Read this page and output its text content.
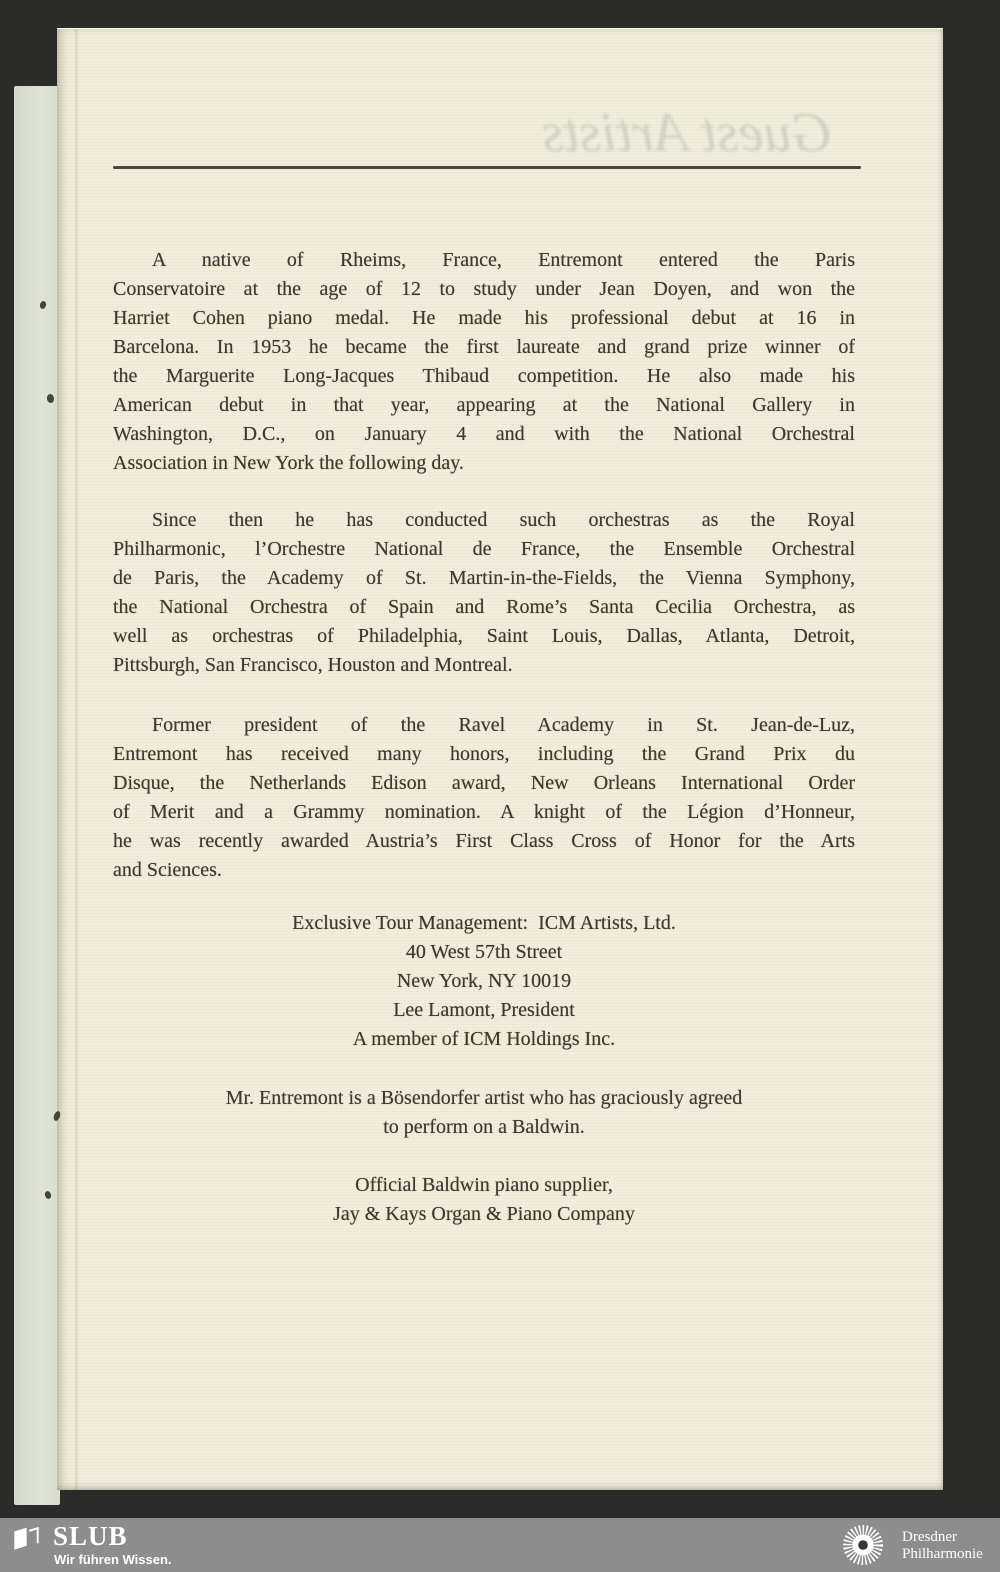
Guest Artists
A native of Rheims, France, Entremont entered the Paris
Conservatoire at the age of 12 to study under Jean Doyen, and won the
Harriet Cohen piano medal. He made his professional debut at 16 in
Barcelona. In 1953 he became the first laureate and grand prize winner of
the Marguerite Long-Jacques Thibaud competition. He also made his
American debut in that year, appearing at the National Gallery in
Washington, D.C., on January 4 and with the National Orchestral
Association in New York the following day.
Since then he has conducted such orchestras as the Royal
Philharmonic, l’Orchestre National de France, the Ensemble Orchestral
de Paris, the Academy of St. Martin-in-the-Fields, the Vienna Symphony,
the National Orchestra of Spain and Rome’s Santa Cecilia Orchestra, as
well as orchestras of Philadelphia, Saint Louis, Dallas, Atlanta, Detroit,
Pittsburgh, San Francisco, Houston and Montreal.
Former president of the Ravel Academy in St. Jean-de-Luz,
Entremont has received many honors, including the Grand Prix du
Disque, the Netherlands Edison award, New Orleans International Order
of Merit and a Grammy nomination. A knight of the Légion d’Honneur,
he was recently awarded Austria’s First Class Cross of Honor for the Arts
and Sciences.
Exclusive Tour Management:  ICM Artists, Ltd.
40 West 57th Street
New York, NY 10019
Lee Lamont, President
A member of ICM Holdings Inc.
Mr. Entremont is a Bösendorfer artist who has graciously agreed
to perform on a Baldwin.
Official Baldwin piano supplier,
Jay & Kays Organ & Piano Company
SLUB
Wir führen Wissen.
Dresdner
Philharmonie
